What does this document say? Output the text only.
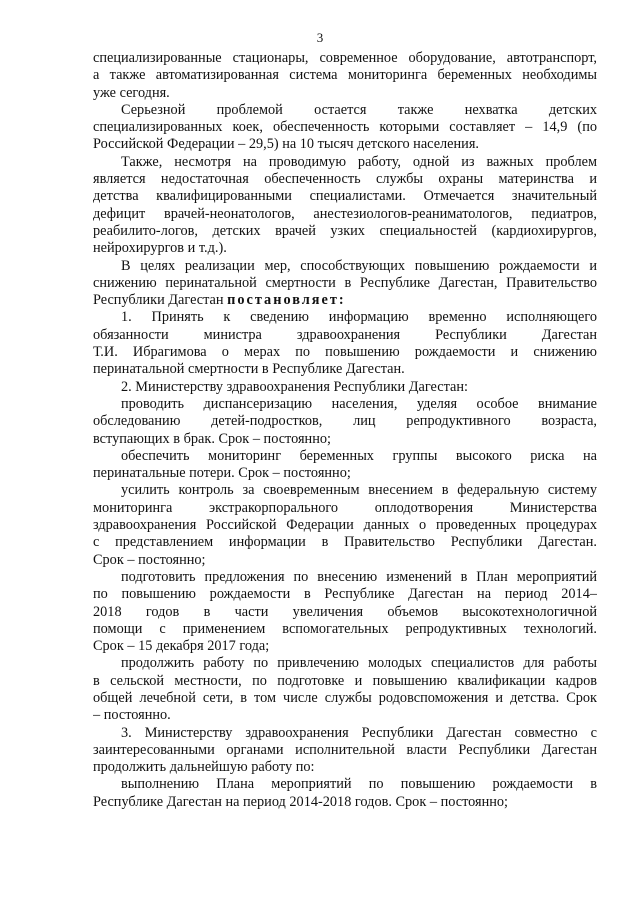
3
специализированные стационары, современное оборудование, автотранспорт,
а также автоматизированная система мониторинга беременных необходимы
уже сегодня.
Серьезной проблемой остается также нехватка детских
специализированных коек, обеспеченность которыми составляет – 14,9 (по
Российской Федерации – 29,5) на 10 тысяч детского населения.
Также, несмотря на проводимую работу, одной из важных проблем
является недостаточная обеспеченность службы охраны материнства и
детства квалифицированными специалистами. Отмечается значительный
дефицит врачей-неонатологов, анестезиологов-реаниматологов, педиатров,
реабилито-логов, детских врачей узких специальностей (кардиохирургов,
нейрохирургов и т.д.).
В целях реализации мер, способствующих повышению рождаемости и
снижению перинатальной смертности в Республике Дагестан, Правительство
Республики Дагестан постановляет:
1. Принять к сведению информацию временно исполняющего
обязанности министра здравоохранения Республики Дагестан
Т.И. Ибрагимова о мерах по повышению рождаемости и снижению
перинатальной смертности в Республике Дагестан.
2. Министерству здравоохранения Республики Дагестан:
проводить диспансеризацию населения, уделяя особое внимание
обследованию детей-подростков, лиц репродуктивного возраста,
вступающих в брак. Срок – постоянно;
обеспечить мониторинг беременных группы высокого риска на
перинатальные потери. Срок – постоянно;
усилить контроль за своевременным внесением в федеральную систему
мониторинга экстракорпорального оплодотворения Министерства
здравоохранения Российской Федерации данных о проведенных процедурах
с представлением информации в Правительство Республики Дагестан.
Срок – постоянно;
подготовить предложения по внесению изменений в План мероприятий
по повышению рождаемости в Республике Дагестан на период 2014–
2018 годов в части увеличения объемов высокотехнологичной
помощи с применением вспомогательных репродуктивных технологий.
Срок – 15 декабря 2017 года;
продолжить работу по привлечению молодых специалистов для работы
в сельской местности, по подготовке и повышению квалификации кадров
общей лечебной сети, в том числе службы родовспоможения и детства. Срок
– постоянно.
3. Министерству здравоохранения Республики Дагестан совместно с
заинтересованными органами исполнительной власти Республики Дагестан
продолжить дальнейшую работу по:
выполнению Плана мероприятий по повышению рождаемости в
Республике Дагестан на период 2014-2018 годов. Срок – постоянно;
